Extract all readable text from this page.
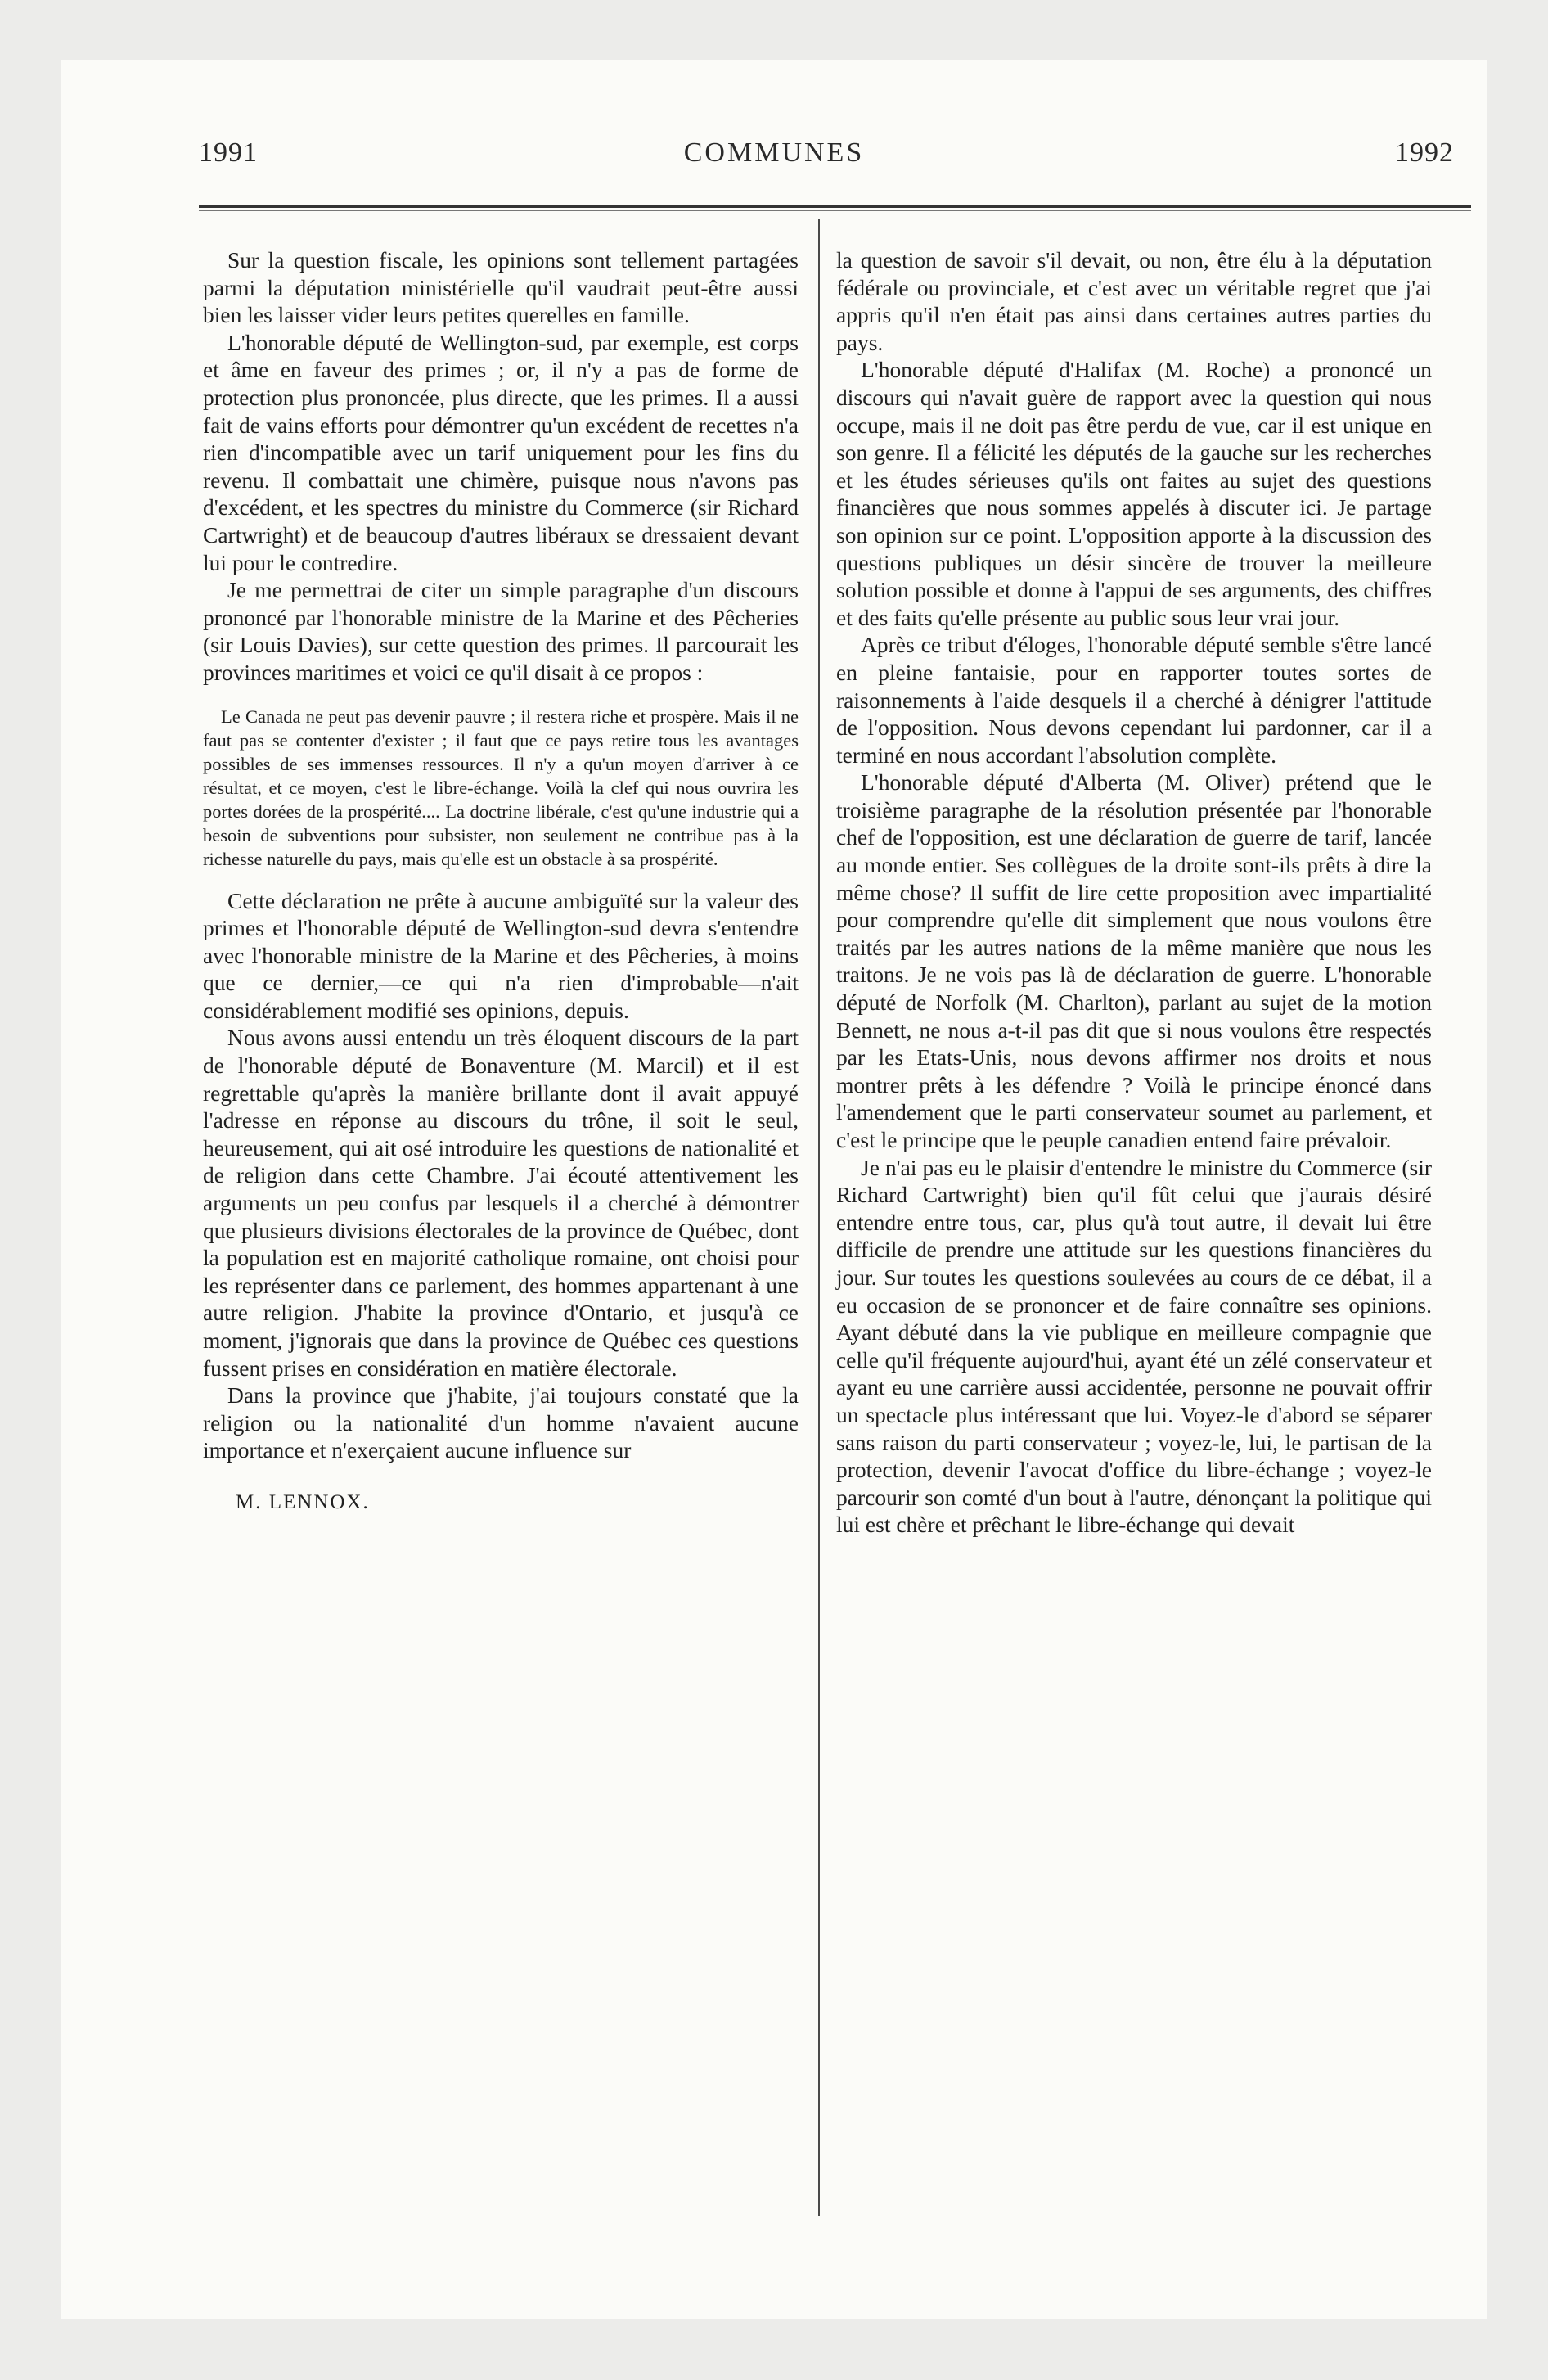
1991	COMMUNES	1992

Sur la question fiscale, les opinions sont tellement partagées parmi la députation ministérielle qu'il vaudrait peut-être aussi bien les laisser vider leurs petites querelles en famille.

L'honorable député de Wellington-sud, par exemple, est corps et âme en faveur des primes ; or, il n'y a pas de forme de protection plus prononcée, plus directe, que les primes. Il a aussi fait de vains efforts pour démontrer qu'un excédent de recettes n'a rien d'incompatible avec un tarif uniquement pour les fins du revenu. Il combattait une chimère, puisque nous n'avons pas d'excédent, et les spectres du ministre du Commerce (sir Richard Cartwright) et de beaucoup d'autres libéraux se dressaient devant lui pour le contredire.

Je me permettrai de citer un simple paragraphe d'un discours prononcé par l'honorable ministre de la Marine et des Pêcheries (sir Louis Davies), sur cette question des primes. Il parcourait les provinces maritimes et voici ce qu'il disait à ce propos :

Le Canada ne peut pas devenir pauvre ; il restera riche et prospère. Mais il ne faut pas se contenter d'exister ; il faut que ce pays retire tous les avantages possibles de ses immenses ressources. Il n'y a qu'un moyen d'arriver à ce résultat, et ce moyen, c'est le libre-échange. Voilà la clef qui nous ouvrira les portes dorées de la prospérité.... La doctrine libérale, c'est qu'une industrie qui a besoin de subventions pour subsister, non seulement ne contribue pas à la richesse naturelle du pays, mais qu'elle est un obstacle à sa prospérité.

Cette déclaration ne prête à aucune ambiguïté sur la valeur des primes et l'honorable député de Wellington-sud devra s'entendre avec l'honorable ministre de la Marine et des Pêcheries, à moins que ce dernier,—ce qui n'a rien d'improbable—n'ait considérablement modifié ses opinions, depuis.

Nous avons aussi entendu un très éloquent discours de la part de l'honorable député de Bonaventure (M. Marcil) et il est regrettable qu'après la manière brillante dont il avait appuyé l'adresse en réponse au discours du trône, il soit le seul, heureusement, qui ait osé introduire les questions de nationalité et de religion dans cette Chambre. J'ai écouté attentivement les arguments un peu confus par lesquels il a cherché à démontrer que plusieurs divisions électorales de la province de Québec, dont la population est en majorité catholique romaine, ont choisi pour les représenter dans ce parlement, des hommes appartenant à une autre religion. J'habite la province d'Ontario, et jusqu'à ce moment, j'ignorais que dans la province de Québec ces questions fussent prises en considération en matière électorale.

Dans la province que j'habite, j'ai toujours constaté que la religion ou la nationalité d'un homme n'avaient aucune importance et n'exerçaient aucune influence sur

M. LENNOX.

la question de savoir s'il devait, ou non, être élu à la députation fédérale ou provinciale, et c'est avec un véritable regret que j'ai appris qu'il n'en était pas ainsi dans certaines autres parties du pays.

L'honorable député d'Halifax (M. Roche) a prononcé un discours qui n'avait guère de rapport avec la question qui nous occupe, mais il ne doit pas être perdu de vue, car il est unique en son genre. Il a félicité les députés de la gauche sur les recherches et les études sérieuses qu'ils ont faites au sujet des questions financières que nous sommes appelés à discuter ici. Je partage son opinion sur ce point. L'opposition apporte à la discussion des questions publiques un désir sincère de trouver la meilleure solution possible et donne à l'appui de ses arguments, des chiffres et des faits qu'elle présente au public sous leur vrai jour.

Après ce tribut d'éloges, l'honorable député semble s'être lancé en pleine fantaisie, pour en rapporter toutes sortes de raisonnements à l'aide desquels il a cherché à dénigrer l'attitude de l'opposition. Nous devons cependant lui pardonner, car il a terminé en nous accordant l'absolution complète.

L'honorable député d'Alberta (M. Oliver) prétend que le troisième paragraphe de la résolution présentée par l'honorable chef de l'opposition, est une déclaration de guerre de tarif, lancée au monde entier. Ses collègues de la droite sont-ils prêts à dire la même chose? Il suffit de lire cette proposition avec impartialité pour comprendre qu'elle dit simplement que nous voulons être traités par les autres nations de la même manière que nous les traitons. Je ne vois pas là de déclaration de guerre. L'honorable député de Norfolk (M. Charlton), parlant au sujet de la motion Bennett, ne nous a-t-il pas dit que si nous voulons être respectés par les Etats-Unis, nous devons affirmer nos droits et nous montrer prêts à les défendre ? Voilà le principe énoncé dans l'amendement que le parti conservateur soumet au parlement, et c'est le principe que le peuple canadien entend faire prévaloir.

Je n'ai pas eu le plaisir d'entendre le ministre du Commerce (sir Richard Cartwright) bien qu'il fût celui que j'aurais désiré entendre entre tous, car, plus qu'à tout autre, il devait lui être difficile de prendre une attitude sur les questions financières du jour. Sur toutes les questions soulevées au cours de ce débat, il a eu occasion de se prononcer et de faire connaître ses opinions. Ayant débuté dans la vie publique en meilleure compagnie que celle qu'il fréquente aujourd'hui, ayant été un zélé conservateur et ayant eu une carrière aussi accidentée, personne ne pouvait offrir un spectacle plus intéressant que lui. Voyez-le d'abord se séparer sans raison du parti conservateur ; voyez-le, lui, le partisan de la protection, devenir l'avocat d'office du libre-échange ; voyez-le parcourir son comté d'un bout à l'autre, dénonçant la politique qui lui est chère et prêchant le libre-échange qui devait
